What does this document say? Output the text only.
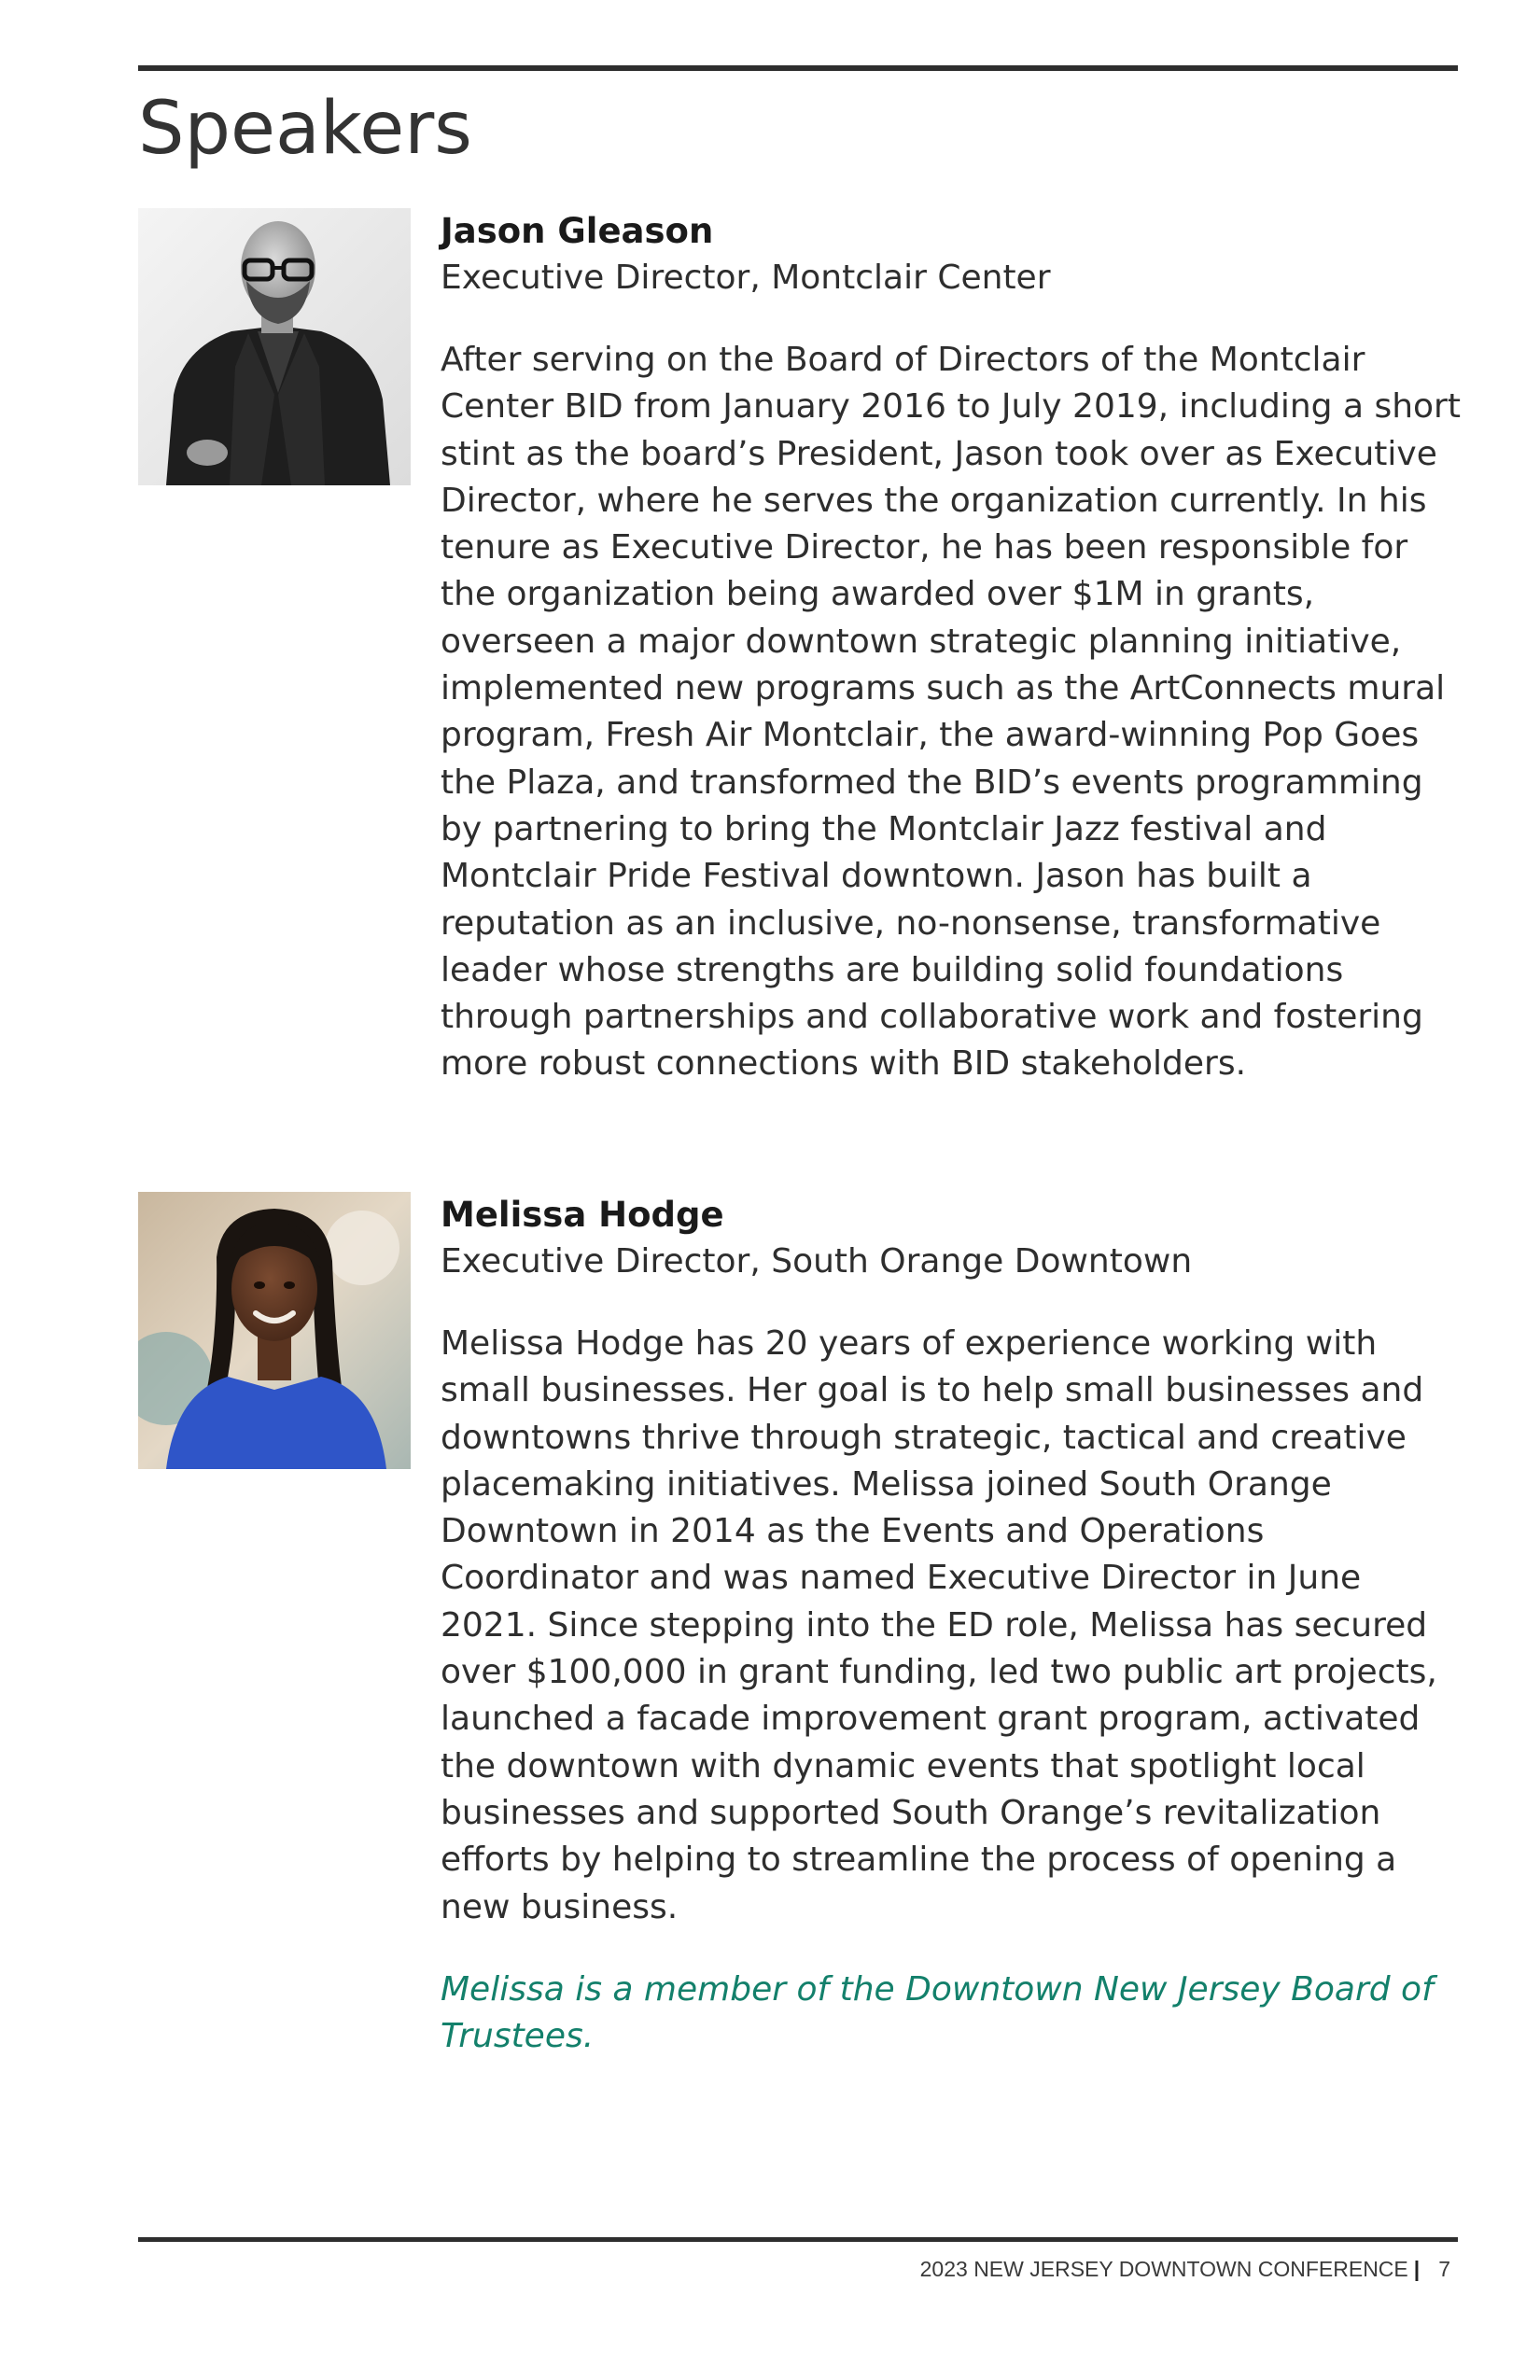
Speakers

Jason Gleason

Executive Director, Montclair Center

After serving on the Board of Directors of the Montclair Center BID from January 2016 to July 2019, including a short stint as the board’s President, Jason took over as Executive Director, where he serves the organization currently. In his tenure as Executive Director, he has been responsible for the organization being awarded over $1M in grants, overseen a major downtown strategic planning initiative, implemented new programs such as the ArtConnects mural program, Fresh Air Montclair, the award-winning Pop Goes the Plaza, and transformed the BID’s events programming by partnering to bring the Montclair Jazz festival and Montclair Pride Festival downtown. Jason has built a reputation as an inclusive, no-nonsense, transformative leader whose strengths are building solid foundations through partnerships and collaborative work and fostering more robust connections with BID stakeholders.

Melissa Hodge

Executive Director, South Orange Downtown

Melissa Hodge has 20 years of experience working with small businesses. Her goal is to help small businesses and downtowns thrive through strategic, tactical and creative placemaking initiatives. Melissa joined South Orange Downtown in 2014 as the Events and Operations Coordinator and was named Executive Director in June 2021. Since stepping into the ED role, Melissa has secured over $100,000 in grant funding, led two public art projects, launched a facade improvement grant program, activated the downtown with dynamic events that spotlight local businesses and supported South Orange’s revitalization efforts by helping to streamline the process of opening a new business.

Melissa is a member of the Downtown New Jersey Board of Trustees.

2023 NEW JERSEY DOWNTOWN CONFERENCE | 7
